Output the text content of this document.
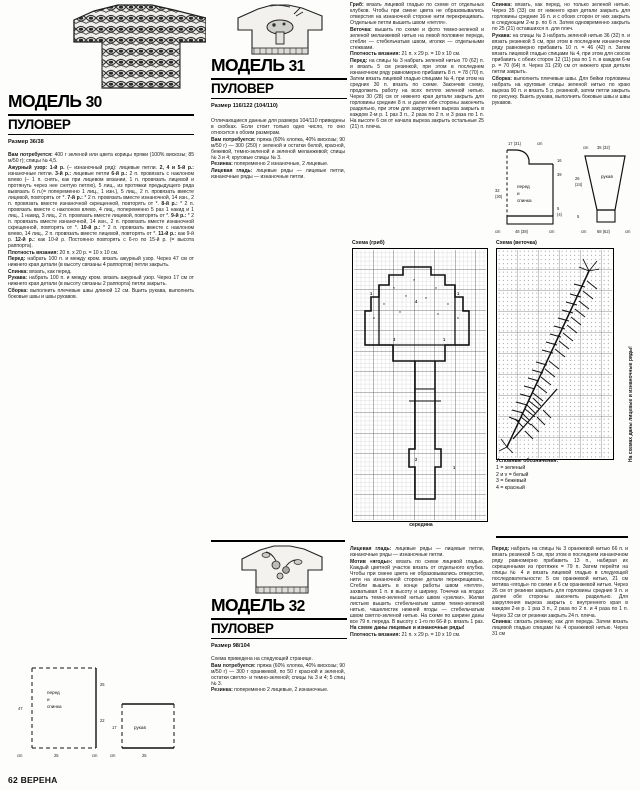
МОДЕЛЬ 30
ПУЛОВЕР
Размер 36/38

Вам потребуется: 400 г зеленой или цвета корицы пряжи (100% вискозы; 85 м/50 г); спицы № 4,5.

Ажурный узор: 1-й р. (– изнаночный ряд): лицевые петли. 2, 4 и 5-й р.: изнаночные петли. 3-й р.: лицевые петли 6-й р.: 2 п. провязать с наклоном влево (– 1 п. снять, как при лицевом вязании, 1 п. провязать лицевой и протянуть через нее снятую петлю), 5 лиц., из протяжки предыдущего ряда вывязать 6 п.(= попеременно 1 лиц., 1 изн.), 5 лиц., 2 п. провязать вместе лицевой, повторять от *. 7-й р.: * 2 п. провязать вместе изнаночной, 14 изн., 2 п. провязать вместе изнаночной скрещенной, повторять от *. 8-й р.: * 2 п. провязать вместе с наклоном влево, 4 лиц., попеременно 5 раз 1 накид и 1 лиц., 1 накид, 3 лиц., 2 п. провязать вместе лицевой, повторять от *. 9-й р.: * 2 п. провязать вместе изнаночной, 14 изн., 2 п. провязать вместе изнаночной скрещенной, повторять от *. 10-й р.: * 2 п. провязать вместе с наклоном влево, 14 лиц., 2 п. провязать вместе лицевой, повторять от *. 11-й р.: как 9-й р. 12-й р.: как 10-й р. Постоянно повторять с 6-го по 15-й р. (= высота раппорта).

Плотность вязания: 20 п. х 20 р. = 10 х 10 см.

Перед: набрать 100 п. и между кром. вязать ажурный узор. Через 47 см от нижнего края детали (в высоту связаны 4 раппортов) петли закрыть.

Спинка: вязать, как перед.

Рукава: набрать 100 п. и между кром. вязать ажурный узор. Через 17 см от нижнего края детали (в высоту связаны 2 раппорта) петли закрыть.

Сборка: выполнить плечевые швы длиной 12 см. Вшить рукава, выполнить боковые швы и швы рукавов.

перед
и
спинка
47
25
22
25
cm	cm
рукав
17
25
cm
МОДЕЛЬ 31
ПУЛОВЕР
Размер 116/122 (104/110)

Отличающиеся данные для размера 104/110 приведены в скобках. Если стоит только одно число, то оно относится к обоим размерам.

Вам потребуется: пряжа (60% хлопка, 40% вискозы; 90 м/50 г) — 300 (250) г зеленой и остатки белой, красной, бежевой, темно-зеленой и зеленой меланжевой; спицы № 3 и 4; круговые спицы № 3.

Резинка: попеременно 2 изнаночные, 2 лицевые.

Лицевая гладь: лицевые ряды — лицевые петли, изнаночные ряды — изнаночные петли.

Гриб: вязать лицевой гладью по схеме от отдельных клубков. Чтобы при смене цвета не образовывались отверстия на изнаночной стороне нити перекрещивать. Отдельные петли вышить швом «петля».

Веточка: вышить по схеме и фото темно-зеленой и зеленой меланжевой нитью на левой половине переда, стебли — стебельчатым швом, иголки — отдельными стежками.

Плотность вязания: 21 п. х 29 р. = 10 х 10 см.

Перед: на спицы № 3 набрать зеленой нитью 70 (62) п. и вязать 5 см резинкой, при этом в последнем изнаночном ряду равномерно прибавить 8 п. = 78 (70) п. Затем вязать лицевой гладью спицами № 4, при этом на средних 30 п. вязать по схеме. Закончив схему, продолжить работу на всех петлях зеленой нитью. Через 30 (28) см от нижнего края детали закрыть для горловины средние 8 п. и далее обе стороны закончить раздельно, при этом для закругления выреза закрыть в каждом 2-м р. 1 раз 3 п., 2 раза по 2 п. и 3 раза по 1 п. На высоте 6 см от начала выреза закрыть остальные 25 (21) п. плеча.

Спинка: вязать, как перед, но только зеленой нитью. Через 35 (33) см от нижнего края детали закрыть для горловины средние 16 п. и с обоих сторон от них закрыть в следующем 2-м р. по 6 п. Затем одновременно закрыть по 25 (21) оставшихся п. для плеч.

Рукава: на спицы № 3 набрать зеленой нитью 36 (32) п. и вязать резинкой 5 см, при этом в последнем изнаночном ряду равномерно прибавить 10 п. = 46 (42) п. Затем вязать лицевой гладью спицами № 4, при этом для скосов прибавить с обеих сторон 12 (11) раз по 1 п. в каждом 6-м р. = 70 (64) п. Через 31 (29) см от нижнего края детали петли закрыть.

Сборка: выполнить плечевые швы. Для бейки горловины набрать на круговые спицы зеленой нитью по краю выреза 90 п. и вязать 5 р. резинкой, затем петли закрыть по рисунку. Вшить рукава, выполнить боковые швы и швы рукавов.

перед
и
спинка
17 (31)	cm
32
(30)
16
39
5
(4)
cm	48 (38)	cm
рукав
cm 35 (32)
26
(24)
5
cm	68 (62)	cm
Схема (гриб)
1
4
1
3	1
2
1
v
v
v
v
v	v
v
v	v
v	v
середина
Схема (веточка)
На схемах даны лицевые и изнаночные ряды!
Условные обозначения:
1 = зеленый
2 и v = белый
3 = бежевый
4 = красный
МОДЕЛЬ 32
ПУЛОВЕР
Размер 98/104

Схема приведена на следующей странице.

Вам потребуется: пряжа (60% хлопка, 40% вискозы; 90 м/50 г) — 300 г оранжевой, по 50 г красной и зеленой, остатки светло- и темно-зеленой; спицы № 3 и 4; 5 спиц № 3.

Резинка: попеременно 2 лицевые, 2 изнаночные.

Лицевая гладь: лицевые ряды — лицевые петли, изнаночные ряды — изнаночные петли.

Мотив «ягоды»: вязать по схеме лицевой гладью. Каждый цветной участок вязать от отдельного клубка. Чтобы при смене цвета не образовывались отверстия, нити на изнаночной стороне детали перекрещивать. Стебли вышить в конце работы швом «петля», захватывая 1 п. в высоту и ширину. Точечки на ягодах вышить темно-зеленой нитью швом «узелки». Жилки листьев вышить стебельчатым швом темно-зеленой нитью, чашелистик нижней ягоды — стебельчатым швом светло-зеленой нитью. На схеме по ширине даны все 79 п. переда. В высоту с 1-го по 66-й р. вязать 1 раз. На схеме даны лицевые и изнаночные ряды!

Плотность вязания: 21 п. х 29 р. = 10 х 10 см.

Перед: набрать на спицы № 3 оранжевой нитью 66 п. и вязать резинкой 5 см, при этом в последнем изнаночном ряду равномерно прибавить 13 п., набирая их скрещенными из протяжек = 79 п. Затем перейти на спицы № 4 и вязать лицевой гладью в следующей последовательности: 5 см оранжевой нитью, 21 см мотива «ягоды» по схеме и 6 см оранжевой нитью. Через 26 см от резинки закрыть для горловины средние 9 п. и далее обе стороны закончить раздельно. Для закругления выреза закрыть с внутреннего края в каждом 2-м р. 1 раз 3 п., 2 раза по 2 п. и 4 раза по 1 п. Через 32 см от резинки закрыть 24 п. плеча.

Спинка: связать резинку, как для переда. Затем вязать лицевой гладью спицами № 4 оранжевой нитью. Через 31 см

62 ВЕРЕНА
